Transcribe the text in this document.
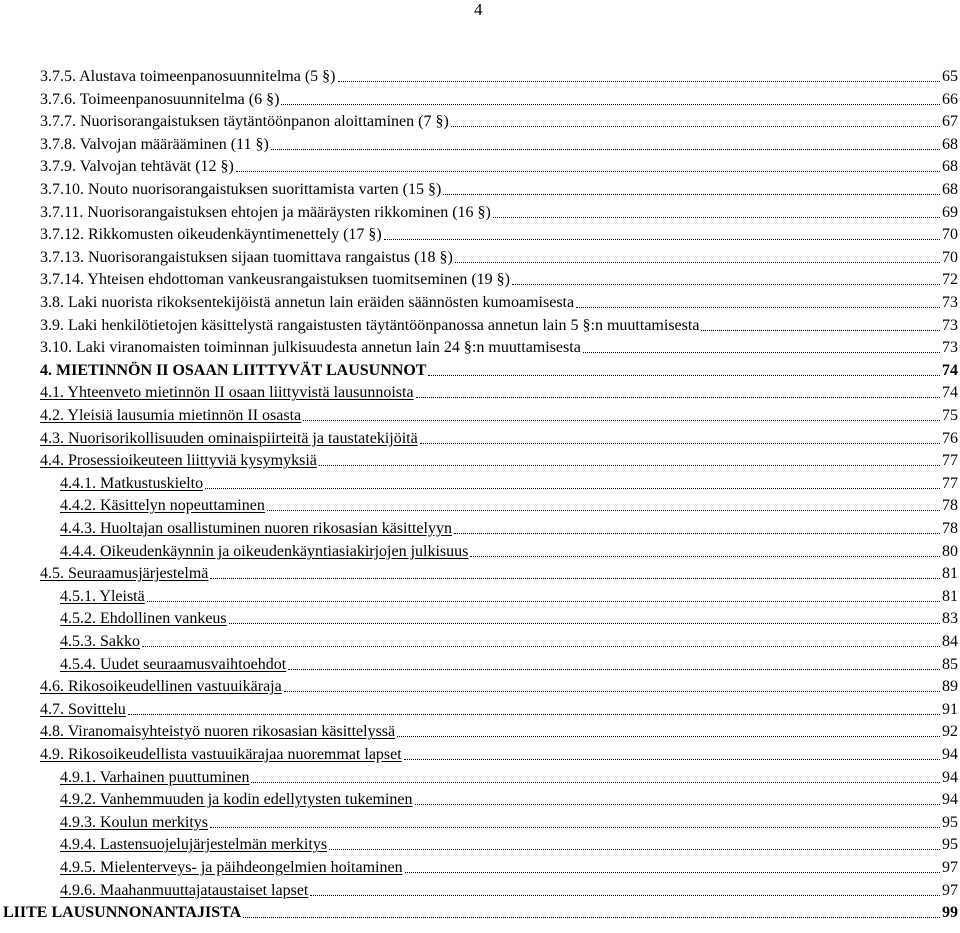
4
3.7.5. Alustava toimeenpanosuunnitelma (5 §)	65
3.7.6. Toimeenpanosuunnitelma (6 §)	66
3.7.7. Nuorisorangaistuksen täytäntöönpanon aloittaminen (7 §)	67
3.7.8. Valvojan määrääminen (11 §)	68
3.7.9. Valvojan tehtävät (12 §)	68
3.7.10. Nouto nuorisorangaistuksen suorittamista varten (15 §)	68
3.7.11. Nuorisorangaistuksen ehtojen ja määräysten rikkominen (16 §)	69
3.7.12. Rikkomusten oikeudenkäyntimenettely (17 §)	70
3.7.13. Nuorisorangaistuksen sijaan tuomittava rangaistus (18 §)	70
3.7.14. Yhteisen ehdottoman vankeusrangaistuksen tuomitseminen (19 §)	72
3.8. Laki nuorista rikoksentekijöistä annetun lain eräiden säännösten kumoamisesta	73
3.9. Laki henkilötietojen käsittelystä rangaistusten täytäntöönpanossa annetun lain 5 §:n muuttamisesta	73
3.10. Laki viranomaisten toiminnan julkisuudesta annetun lain 24 §:n muuttamisesta	73
4. MIETINNÖN II OSAAN LIITTYVÄT LAUSUNNOT	74
4.1. Yhteenveto mietinnön II osaan liittyvistä lausunnoista	74
4.2. Yleisiä lausumia mietinnön II osasta	75
4.3. Nuorisorikollisuuden ominaispiirteitä ja taustatekijöitä	76
4.4. Prosessioikeuteen liittyviä kysymyksiä	77
4.4.1. Matkustuskielto	77
4.4.2. Käsittelyn nopeuttaminen	78
4.4.3. Huoltajan osallistuminen nuoren rikosasian käsittelyyn	78
4.4.4. Oikeudenkäynnin ja oikeudenkäyntiasiakirjojen julkisuus	80
4.5. Seuraamusjärjestelmä	81
4.5.1. Yleistä	81
4.5.2. Ehdollinen vankeus	83
4.5.3. Sakko	84
4.5.4. Uudet seuraamusvaihtoehdot	85
4.6. Rikosoikeudellinen vastuuikäraja	89
4.7. Sovittelu	91
4.8. Viranomaisyhteistyö nuoren rikosasian käsittelyssä	92
4.9. Rikosoikeudellista vastuuikärajaa nuoremmat lapset	94
4.9.1. Varhainen puuttuminen	94
4.9.2. Vanhemmuuden ja kodin edellytysten tukeminen	94
4.9.3. Koulun merkitys	95
4.9.4. Lastensuojelujärjestelmän merkitys	95
4.9.5. Mielenterveys- ja päihdeongelmien hoitaminen	97
4.9.6. Maahanmuuttajataustaiset lapset	97
LIITE LAUSUNNONANTAJISTA	99
